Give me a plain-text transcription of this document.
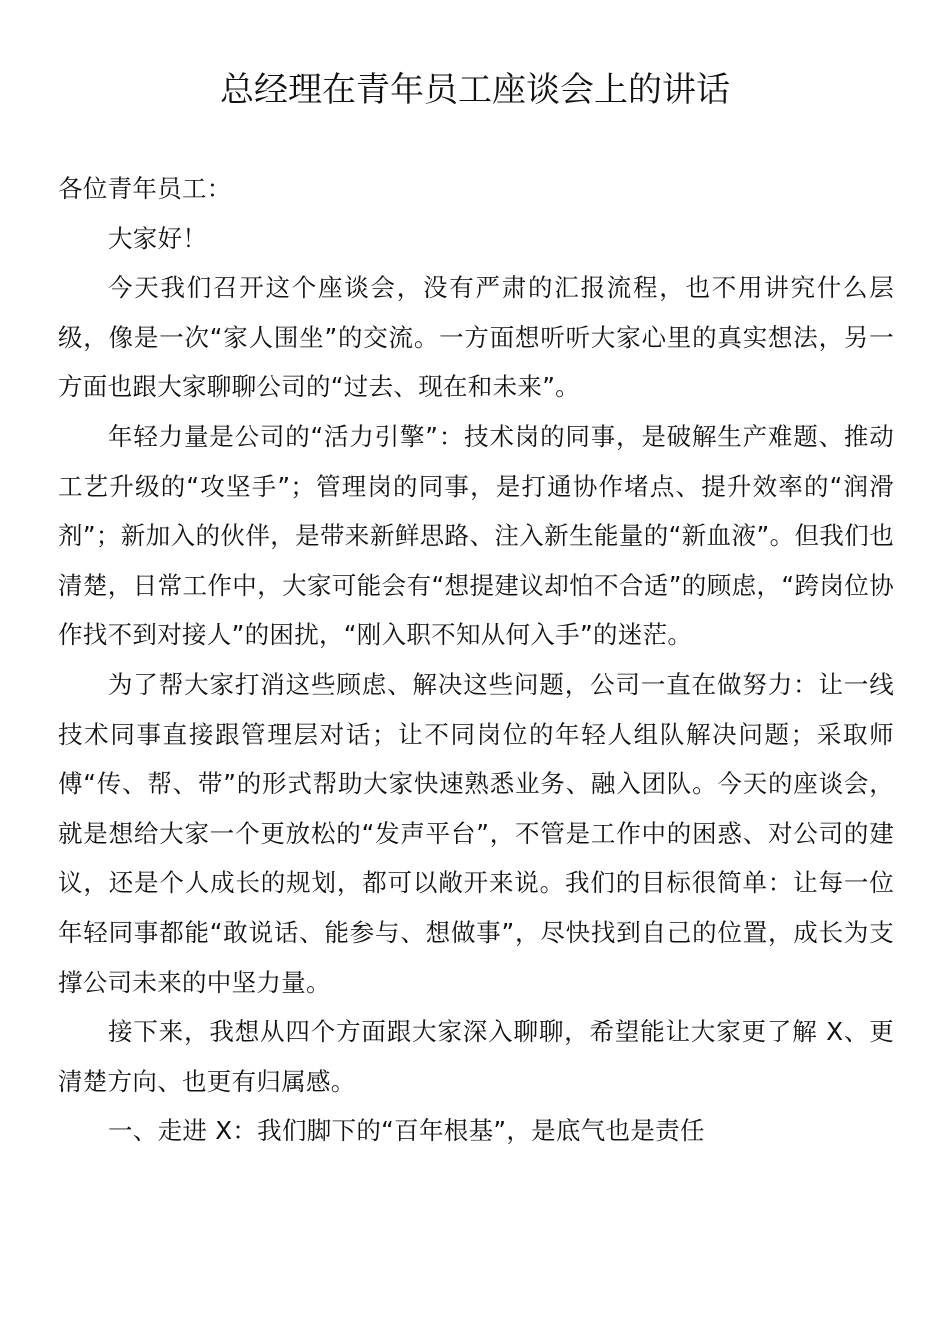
总经理在青年员工座谈会上的讲话

各位青年员工：

大家好！

今天我们召开这个座谈会，没有严肃的汇报流程，也不用讲究什么层级，像是一次“家人围坐”的交流。一方面想听听大家心里的真实想法，另一方面也跟大家聊聊公司的“过去、现在和未来”。

年轻力量是公司的“活力引擎”：技术岗的同事，是破解生产难题、推动工艺升级的“攻坚手”；管理岗的同事，是打通协作堵点、提升效率的“润滑剂”；新加入的伙伴，是带来新鲜思路、注入新生能量的“新血液”。但我们也清楚，日常工作中，大家可能会有“想提建议却怕不合适”的顾虑，“跨岗位协作找不到对接人”的困扰，“刚入职不知从何入手”的迷茫。

为了帮大家打消这些顾虑、解决这些问题，公司一直在做努力：让一线技术同事直接跟管理层对话；让不同岗位的年轻人组队解决问题；采取师傅“传、帮、带”的形式帮助大家快速熟悉业务、融入团队。今天的座谈会，就是想给大家一个更放松的“发声平台”，不管是工作中的困惑、对公司的建议，还是个人成长的规划，都可以敞开来说。我们的目标很简单：让每一位年轻同事都能“敢说话、能参与、想做事”，尽快找到自己的位置，成长为支撑公司未来的中坚力量。

接下来，我想从四个方面跟大家深入聊聊，希望能让大家更了解 X、更清楚方向、也更有归属感。

一、走进 X：我们脚下的“百年根基”，是底气也是责任
